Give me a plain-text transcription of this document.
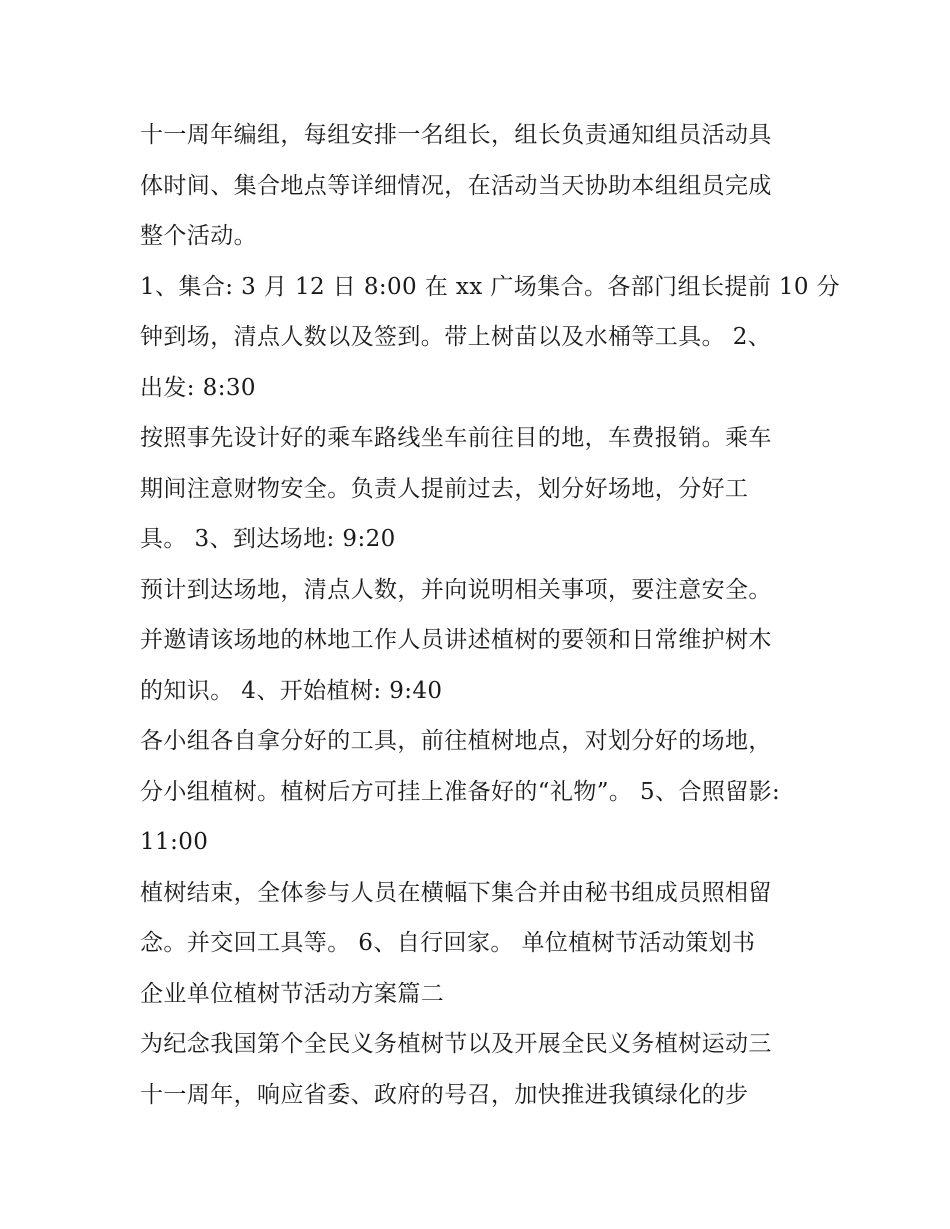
十一周年编组，每组安排一名组长，组长负责通知组员活动具
体时间、集合地点等详细情况，在活动当天协助本组组员完成
整个活动。
1、集合: 3 月 12 日 8:00 在 xx 广场集合。各部门组长提前 10 分
钟到场，清点人数以及签到。带上树苗以及水桶等工具。 2、
出发: 8:30
按照事先设计好的乘车路线坐车前往目的地，车费报销。乘车
期间注意财物安全。负责人提前过去，划分好场地，分好工
具。 3、到达场地: 9:20
预计到达场地，清点人数，并向说明相关事项，要注意安全。
并邀请该场地的林地工作人员讲述植树的要领和日常维护树木
的知识。 4、开始植树: 9:40
各小组各自拿分好的工具，前往植树地点，对划分好的场地，
分小组植树。植树后方可挂上准备好的“礼物”。 5、合照留影:
11:00
植树结束，全体参与人员在横幅下集合并由秘书组成员照相留
念。并交回工具等。 6、自行回家。 单位植树节活动策划书
企业单位植树节活动方案篇二
为纪念我国第个全民义务植树节以及开展全民义务植树运动三
十一周年，响应省委、政府的号召，加快推进我镇绿化的步
